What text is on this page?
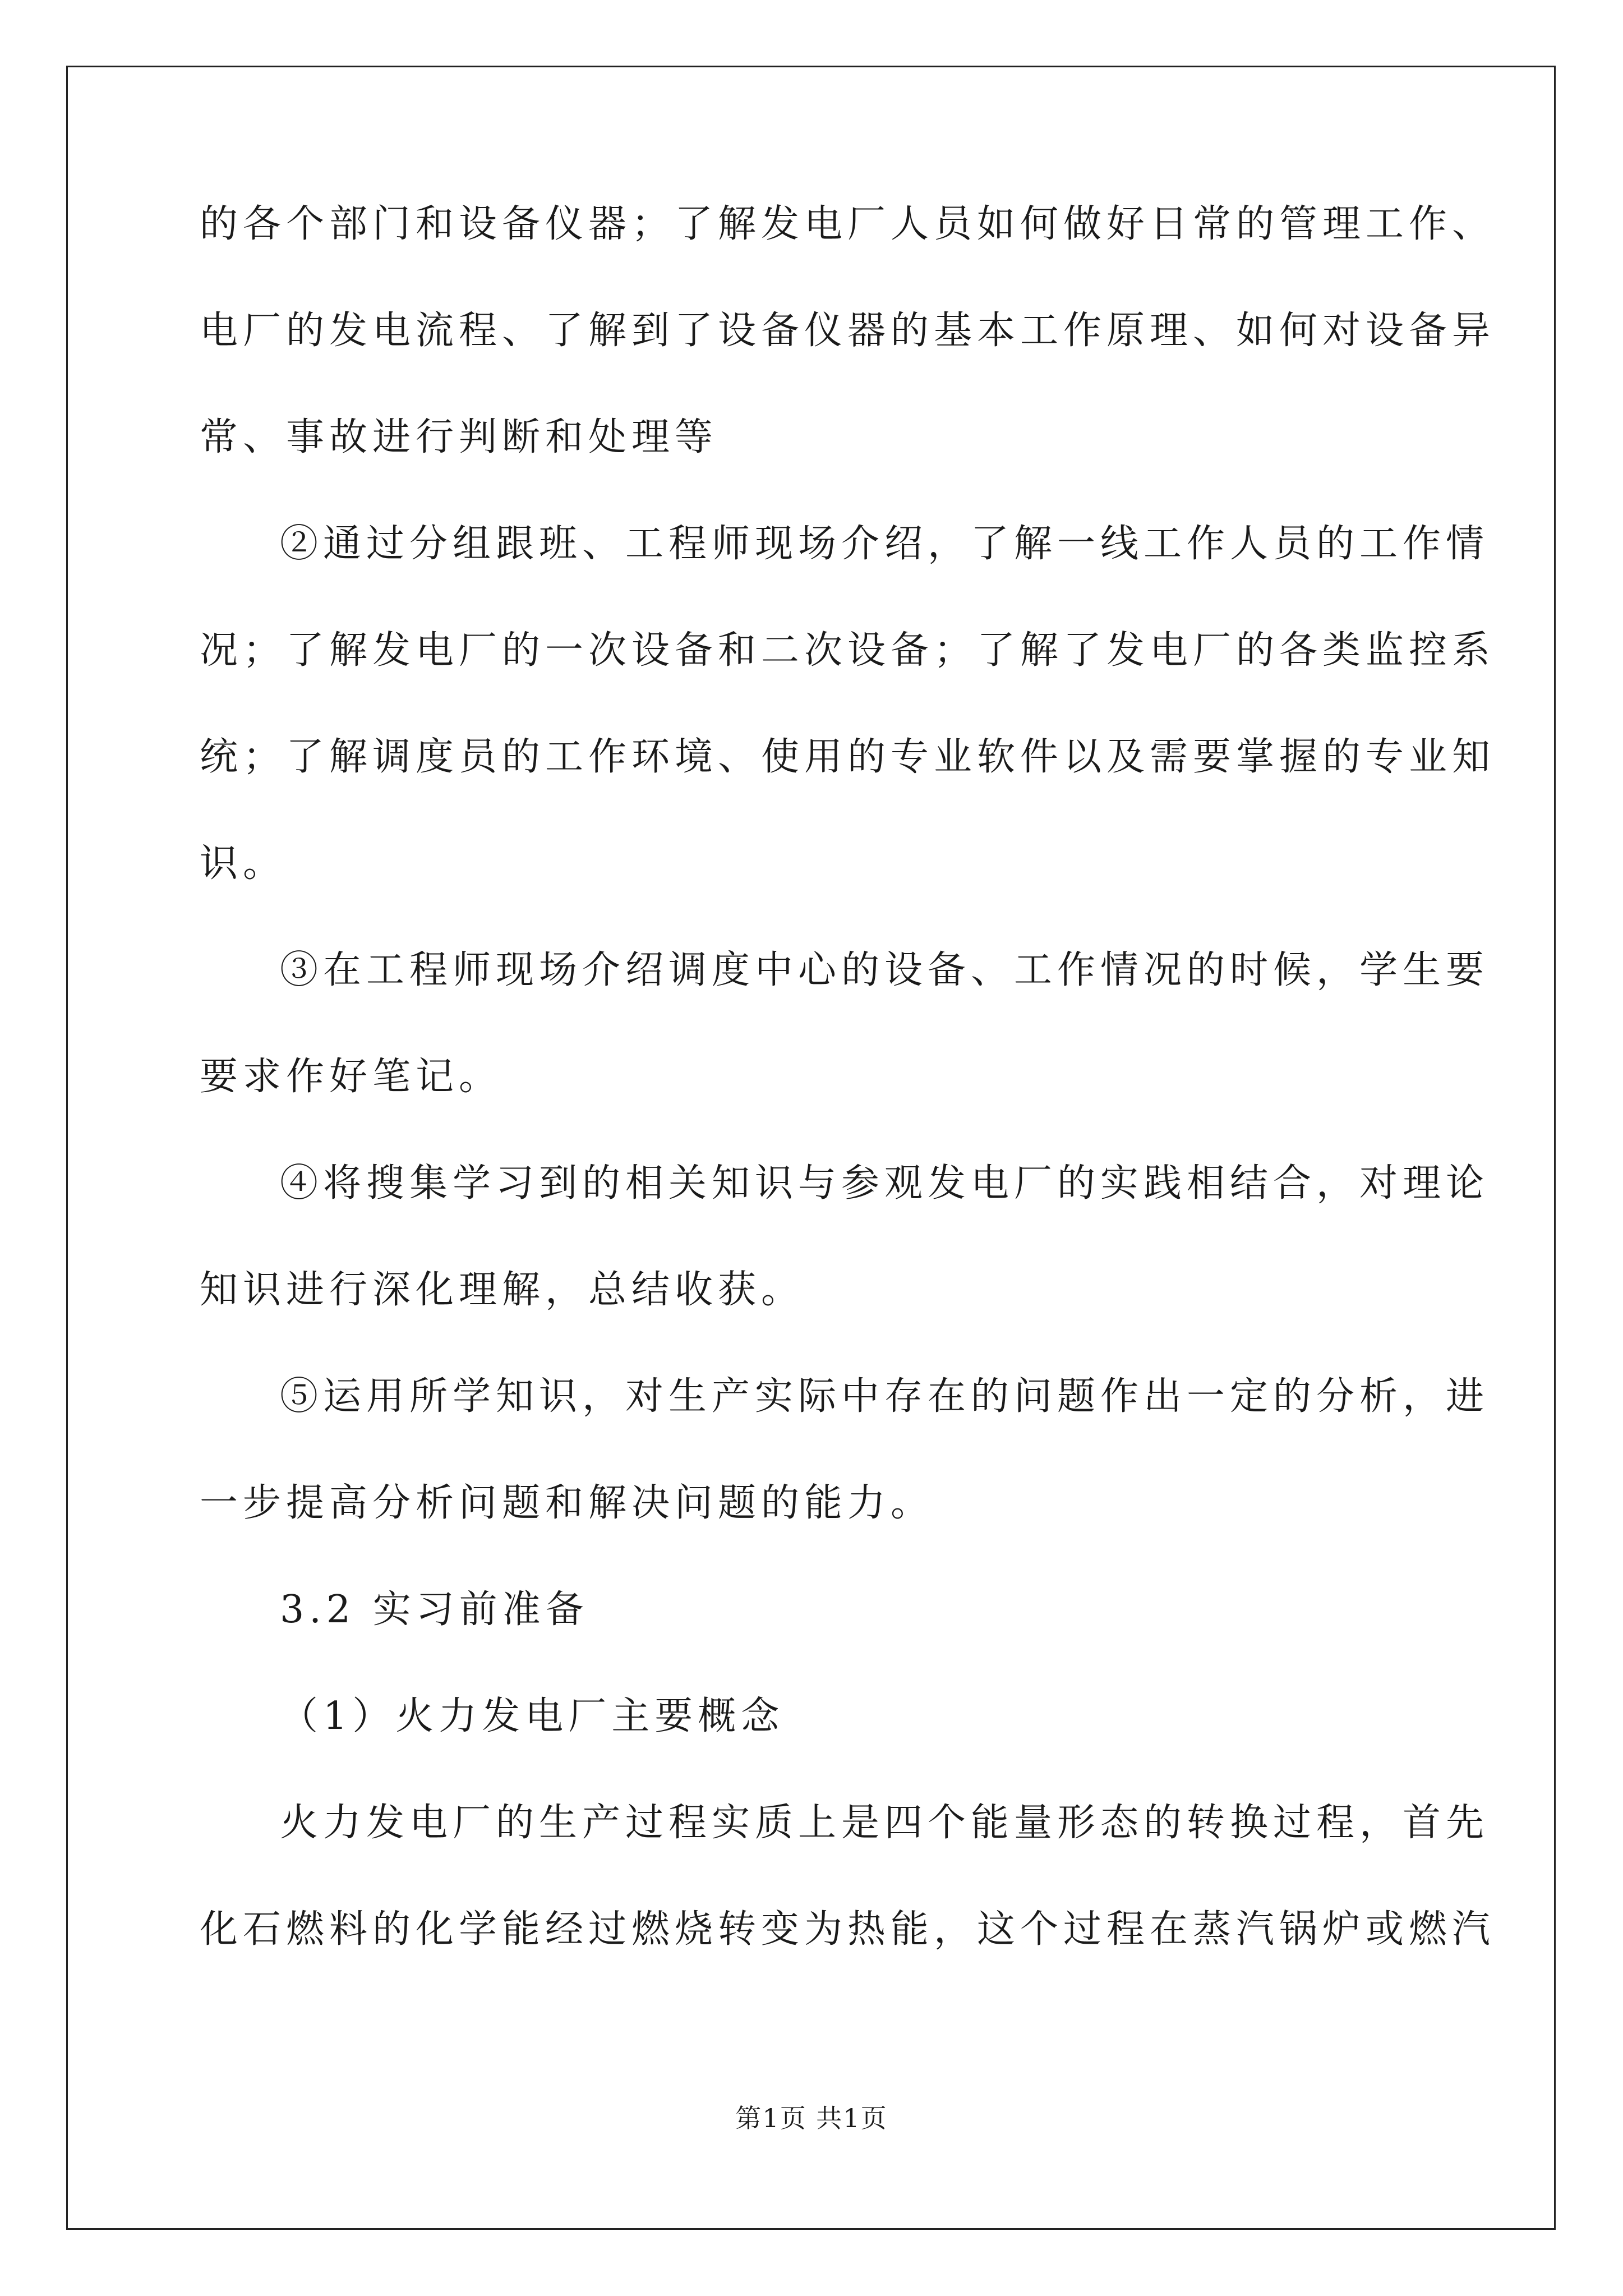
的各个部门和设备仪器；了解发电厂人员如何做好日常的管理工作、
电厂的发电流程、了解到了设备仪器的基本工作原理、如何对设备异
常、事故进行判断和处理等
②通过分组跟班、工程师现场介绍，了解一线工作人员的工作情
况；了解发电厂的一次设备和二次设备；了解了发电厂的各类监控系
统；了解调度员的工作环境、使用的专业软件以及需要掌握的专业知
识。
③在工程师现场介绍调度中心的设备、工作情况的时候，学生要
要求作好笔记。
④将搜集学习到的相关知识与参观发电厂的实践相结合，对理论
知识进行深化理解，总结收获。
⑤运用所学知识，对生产实际中存在的问题作出一定的分析，进
一步提高分析问题和解决问题的能力。
3.2 实习前准备
（1）火力发电厂主要概念
火力发电厂的生产过程实质上是四个能量形态的转换过程，首先
化石燃料的化学能经过燃烧转变为热能，这个过程在蒸汽锅炉或燃汽
第1页 共1页
